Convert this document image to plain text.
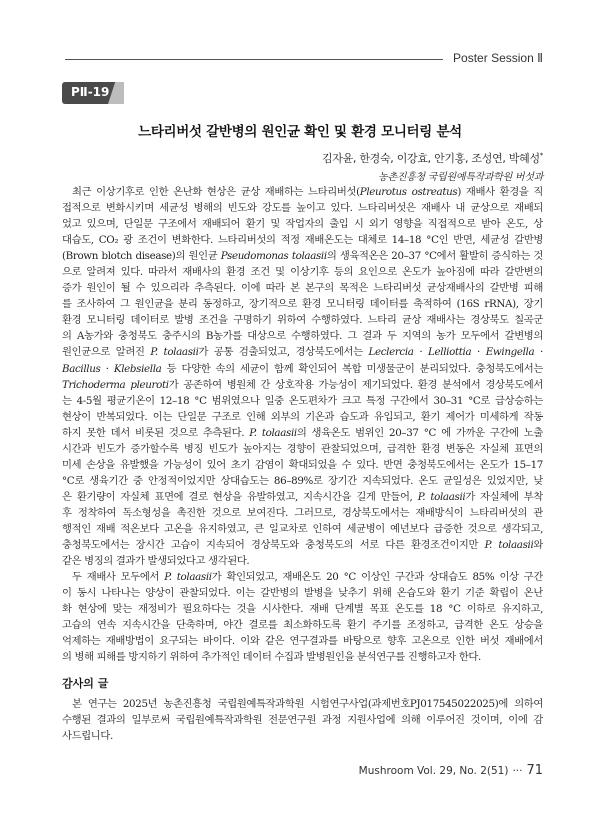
Poster Session Ⅱ
PⅡ-19
느타리버섯 갈반병의 원인균 확인 및 환경 모니터링 분석
김자윤, 한경숙, 이강효, 안기홍, 조성연, 박혜성*
농촌진흥청 국립원예특작과학원 버섯과
최근 이상기후로 인한 온난화 현상은 균상 재배하는 느타리버섯(Pleurotus ostreatus) 재배사 환경을 직
접적으로 변화시키며 세균성 병해의 빈도와 강도를 높이고 있다. 느타리버섯은 재배사 내 균상으로 재배되
었고 있으며, 단일문 구조에서 재배되어 환기 및 작업자의 출입 시 외기 영향을 직접적으로 받아 온도, 상
대습도, CO₂ 광 조건이 변화한다. 느타리버섯의 적정 재배온도는 대체로 14–18 °C인 반면, 세균성 갈반병
(Brown blotch disease)의 원인균 Pseudomonas tolaasii의 생육적온은 20–37 °C에서 활발히 증식하는 것
으로 알려져 있다. 따라서 재배사의 환경 조건 및 이상기후 등의 요인으로 온도가 높아짐에 따라 갈반변의
증가 원인이 될 수 있으리라 추측된다. 이에 따라 본 본구의 목적은 느타리버섯 균상재배사의 갈반병 피해
를 조사하여 그 원인균을 분리 동정하고, 장기적으로 환경 모니터링 데이터를 축적하여 (16S rRNA), 장기
환경 모니터링 데이터로 발병 조건을 구명하기 위하여 수행하였다. 느타리 균상 재배사는 경상북도 칠곡군
의 A농가와 충청북도 충주시의 B농가를 대상으로 수행하였다. 그 결과 두 지역의 농가 모두에서 갈변병의
원인균으로 알려진 P. tolaasii가 공통 검출되었고, 경상북도에서는 Leclercia · Lelliottia · Ewingella ·
Bacillus · Klebsiella 등 다양한 속의 세균이 함께 확인되어 복합 미생물군이 분리되었다. 충청북도에서는
Trichoderma pleuroti가 공존하여 병원체 간 상호작용 가능성이 제기되었다. 환경 분석에서 경상북도에서
는 4-5월 평균기온이 12–18 °C 범위였으나 일중 온도편차가 크고 특정 구간에서 30–31 °C로 급상승하는
현상이 반복되었다. 이는 단일문 구조로 인해 외부의 기온과 습도과 유입되고, 환기 제어가 미세하게 작동
하지 못한 데서 비롯된 것으로 추측된다. P. tolaasii의 생육온도 범위인 20–37 °C 에 가까운 구간에 노출
시간과 빈도가 증가할수록 병징 빈도가 높아지는 경향이 관찰되었으며, 급격한 환경 변동은 자실체 표면의
미세 손상을 유발했을 가능성이 있어 초기 감염이 확대되었을 수 있다. 반면 충청북도에서는 온도가 15–17
°C로 생육기간 중 안정적이었지만 상대습도는 86–89%로 장기간 지속되었다. 온도 균일성은 있었지만, 낮
은 환기량이 자실체 표면에 결로 현상을 유발하였고, 지속시간을 길게 만들어, P. tolaasii가 자실체에 부착
후 정착하여 독소형성을 촉진한 것으로 보여진다. 그러므로, 경상북도에서는 재배방식이 느타리버섯의 관
행적인 재배 적온보다 고온을 유지하였고, 큰 일교차로 인하여 세균병이 예년보다 급증한 것으로 생각되고,
충청북도에서는 장시간 고습이 지속되어 경상북도와 충청북도의 서로 다른 환경조건이지만 P. tolaasii와
같은 병징의 결과가 발생되었다고 생각된다.
두 재배사 모두에서 P. tolaasii가 확인되었고, 재배온도 20 °C 이상인 구간과 상대습도 85% 이상 구간
이 동시 나타나는 양상이 관찰되었다. 이는 갈반병의 발병을 낮추기 위해 온습도와 환기 기준 확립이 온난
화 현상에 맞는 재정비가 필요하다는 것을 시사한다. 재배 단계별 목표 온도를 18 °C 이하로 유지하고,
고습의 연속 지속시간을 단축하며, 야간 결로를 최소화하도록 환기 주기를 조정하고, 급격한 온도 상승을
억제하는 재배방법이 요구되는 바이다. 이와 같은 연구결과를 바탕으로 향후 고온으로 인한 버섯 재배에서
의 병해 피해를 방지하기 위하여 추가적인 데이터 수집과 발병원인을 분석연구를 진행하고자 한다.
감사의 글
본 연구는 2025년 농촌진흥청 국립원예특작과학원 시험연구사업(과제번호PJ017545022025)에 의하여
수행된 결과의 일부로써 국립원예특작과학원 전문연구원 과정 지원사업에 의해 이루어진 것이며, 이에 감
사드립니다.
Mushroom Vol. 29, No. 2(51) ··· 71
